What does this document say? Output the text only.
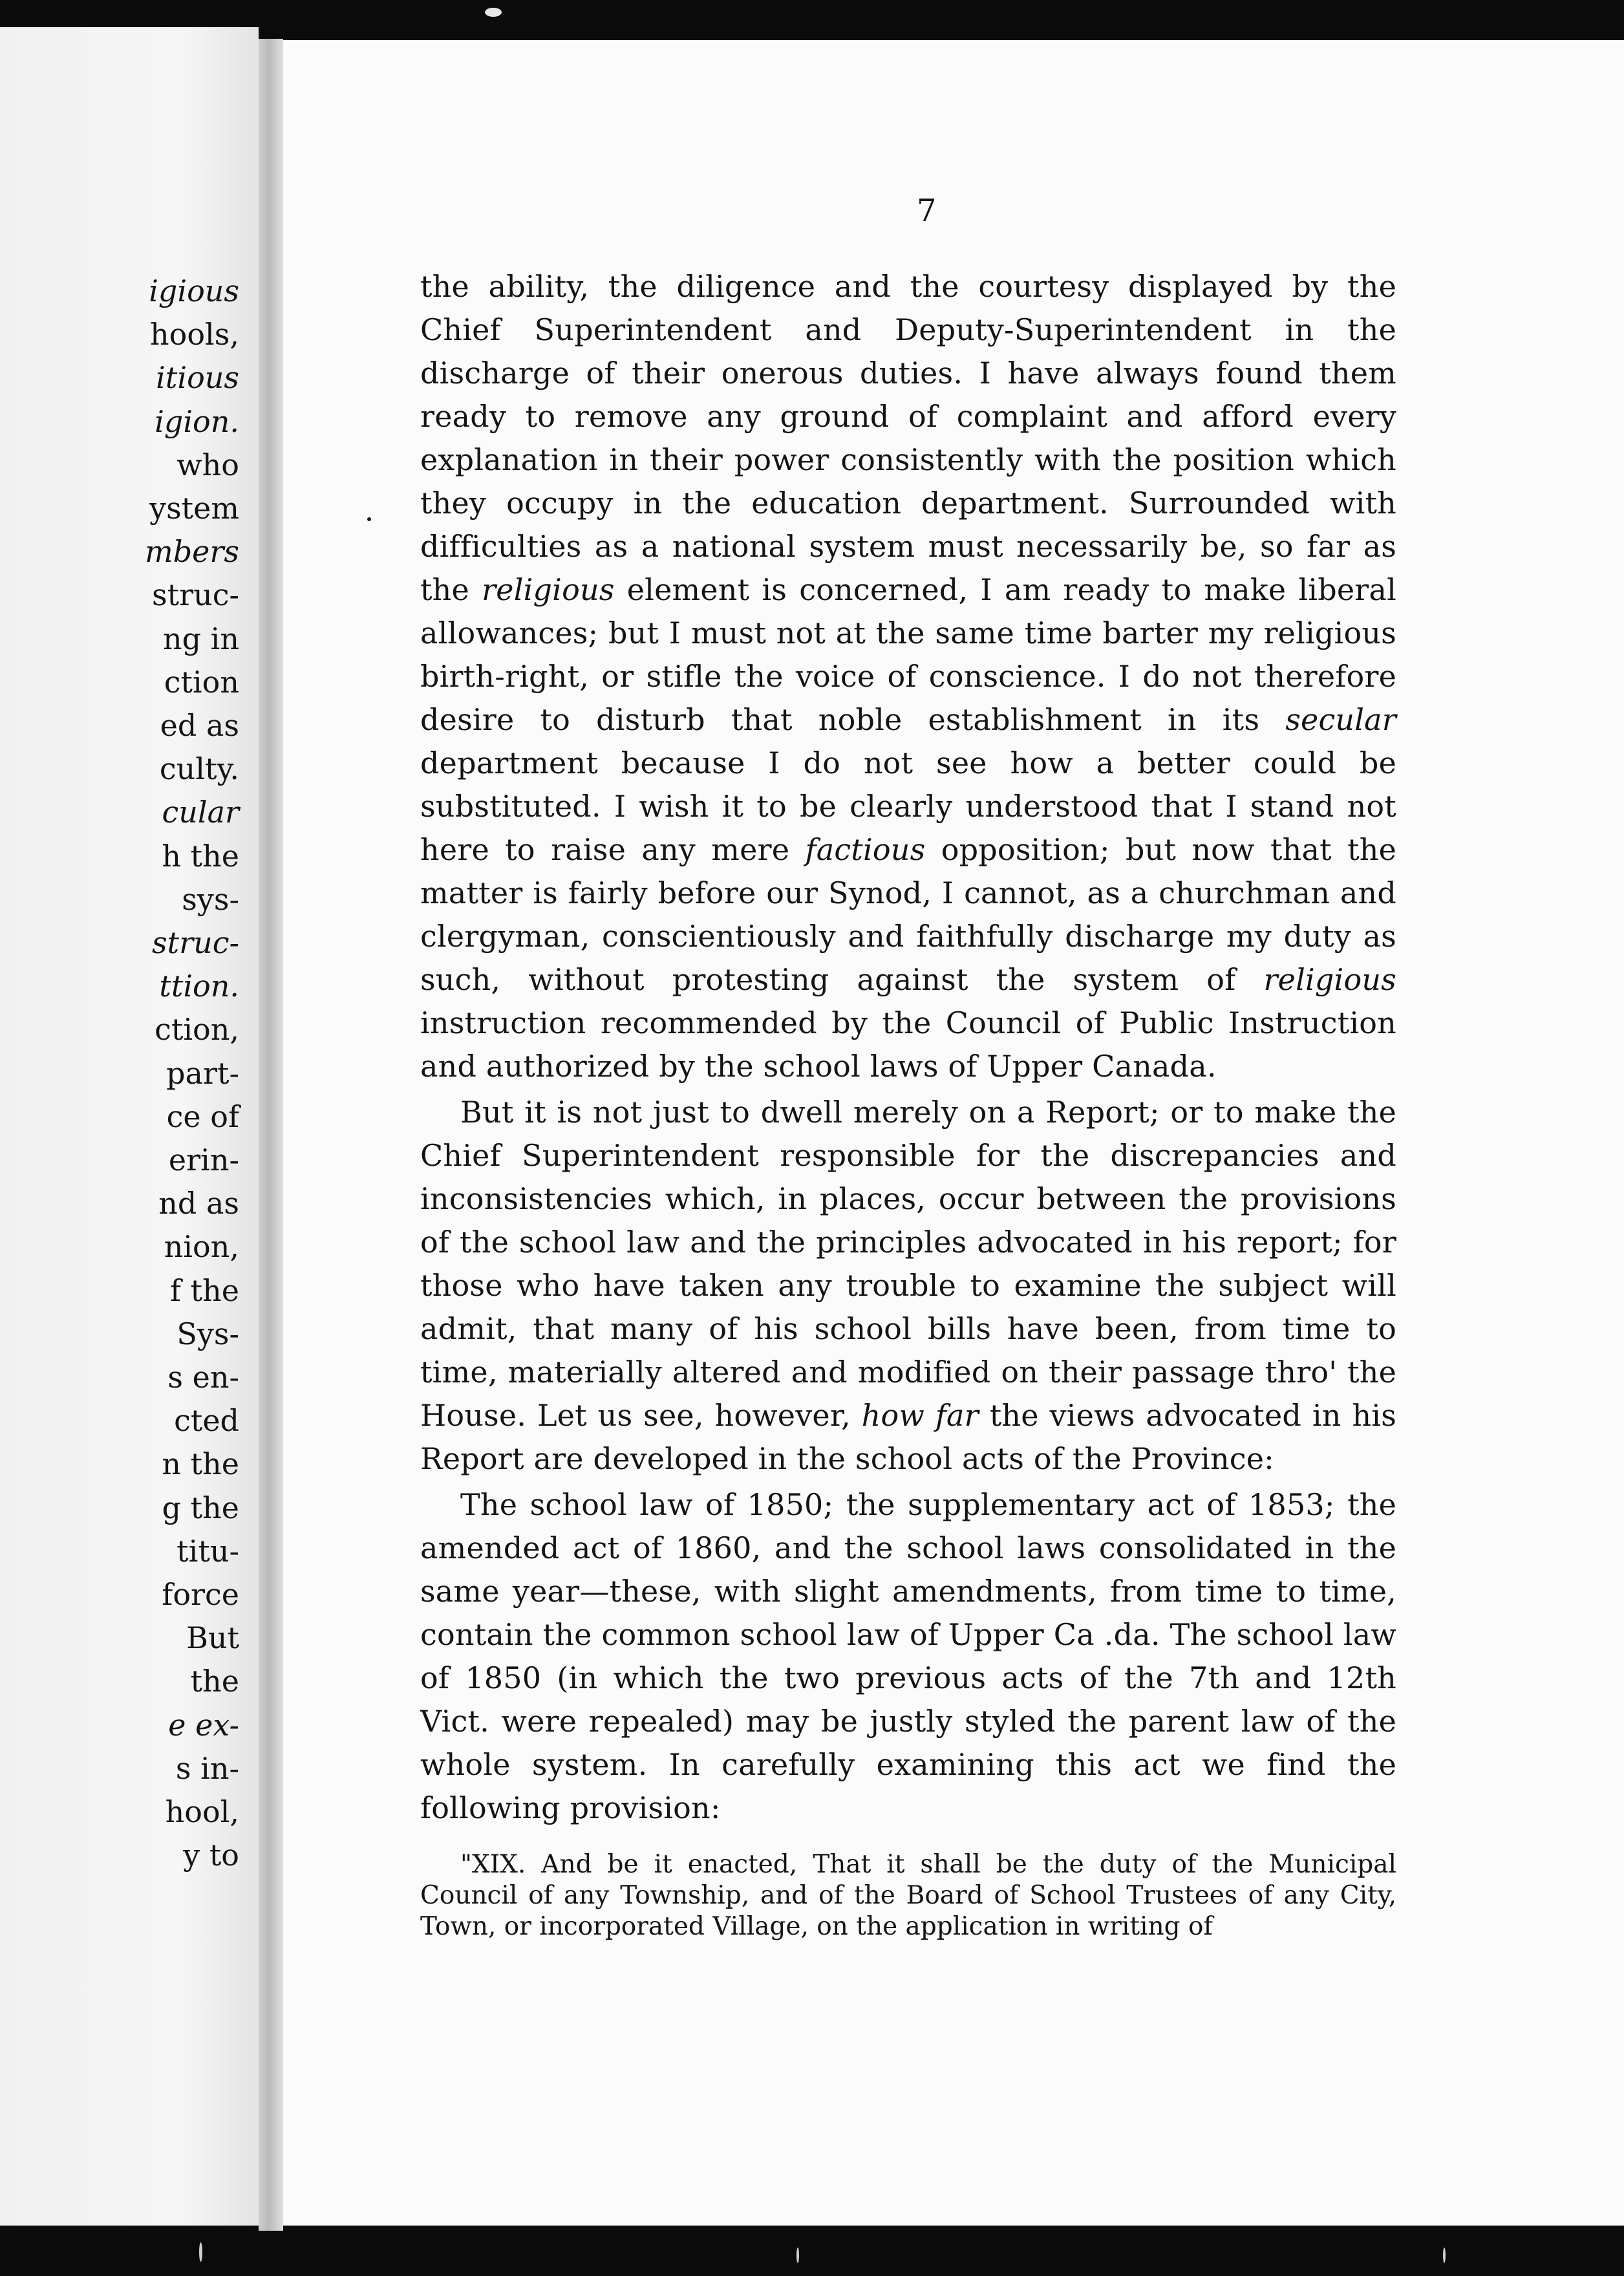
igious

hools,

itious

igion.

who

ystem

mbers

struc-

ng in

ction

ed as

culty.

cular

h the

sys-

struc-

ttion.

ction,

part-

ce of

erin-

nd as

nion,

f the

Sys-

s en-

cted

n the

g the

titu-

force

But

the

e ex-

s in-

hool,

y to

7

the ability, the diligence and the courtesy displayed by the Chief Superintendent and Deputy-Superintendent in the discharge of their onerous duties. I have always found them ready to remove any ground of complaint and afford every explanation in their power consistently with the position which they occupy in the education department. Surrounded with difficulties as a national system must necessarily be, so far as the religious element is concerned, I am ready to make liberal allowances; but I must not at the same time barter my religious birth-right, or stifle the voice of conscience. I do not therefore desire to disturb that noble establishment in its secular department because I do not see how a better could be substituted. I wish it to be clearly understood that I stand not here to raise any mere factious opposition; but now that the matter is fairly before our Synod, I cannot, as a churchman and clergyman, conscientiously and faithfully discharge my duty as such, without protesting against the system of religious instruction recommended by the Council of Public Instruction and authorized by the school laws of Upper Canada.

But it is not just to dwell merely on a Report; or to make the Chief Superintendent responsible for the discrepancies and inconsistencies which, in places, occur between the provisions of the school law and the principles advocated in his report; for those who have taken any trouble to examine the subject will admit, that many of his school bills have been, from time to time, materially altered and modified on their passage thro' the House. Let us see, however, how far the views advocated in his Report are developed in the school acts of the Province:

The school law of 1850; the supplementary act of 1853; the amended act of 1860, and the school laws consolidated in the same year—these, with slight amendments, from time to time, contain the common school law of Upper Ca .da. The school law of 1850 (in which the two previous acts of the 7th and 12th Vict. were repealed) may be justly styled the parent law of the whole system. In carefully examining this act we find the following provision:

"XIX. And be it enacted, That it shall be the duty of the Municipal Council of any Township, and of the Board of School Trustees of any City, Town, or incorporated Village, on the application in writing of
